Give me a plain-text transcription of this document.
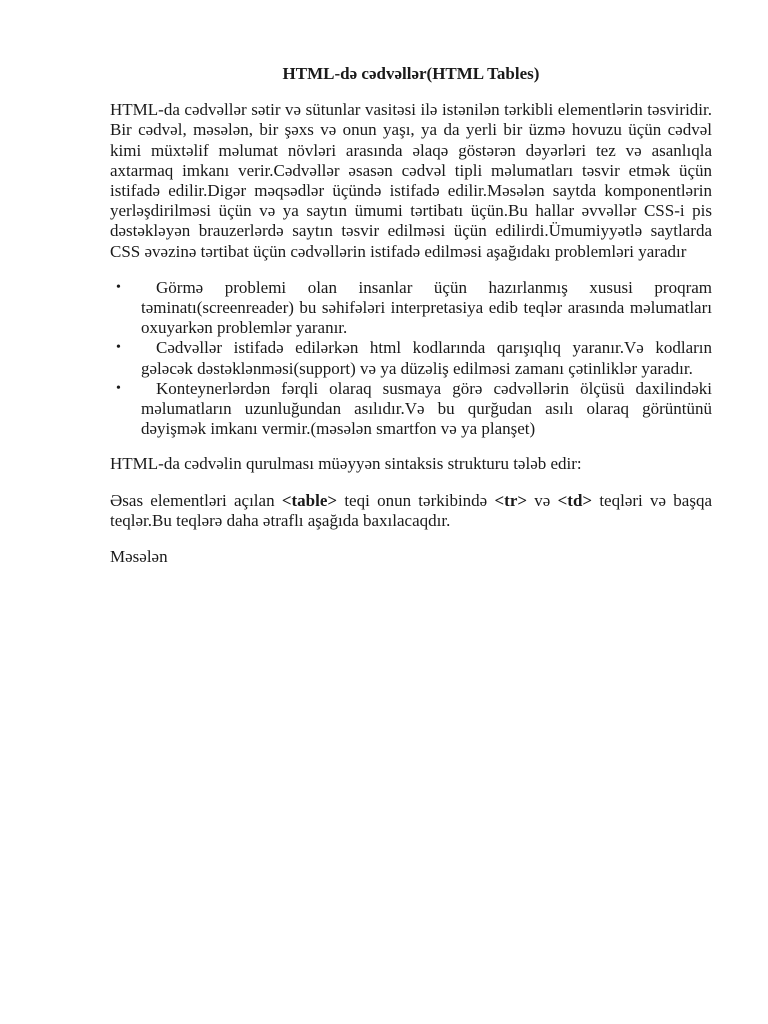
HTML-də cədvəllər(HTML Tables)
HTML-da cədvəllər sətir və sütunlar vasitəsi ilə istənilən tərkibli elementlərin təsviridir. Bir cədvəl, məsələn, bir şəxs və onun yaşı, ya da yerli bir üzmə hovuzu üçün cədvəl kimi müxtəlif məlumat növləri arasında əlaqə göstərən dəyərləri tez və asanlıqla axtarmaq imkanı verir.Cədvəllər əsasən cədvəl tipli məlumatları təsvir etmək üçün istifadə edilir.Digər məqsədlər üçündə istifadə edilir.Məsələn saytda komponentlərin yerləşdirilməsi üçün və ya saytın ümumi tərtibatı üçün.Bu hallar əvvəllər CSS-i pis dəstəkləyən brauzerlərdə saytın təsvir edilməsi üçün edilirdi.Ümumiyyətlə saytlarda CSS əvəzinə tərtibat üçün cədvəllərin istifadə edilməsi aşağıdakı problemləri yaradır
• Görmə problemi olan insanlar üçün hazırlanmış xususi proqram təminatı(screenreader) bu səhifələri interpretasiya edib teqlər arasında məlumatları oxuyarkən problemlər yaranır.
• Cədvəllər istifadə edilərkən html kodlarında qarışıqlıq yaranır.Və kodların gələcək dəstəklənməsi(support) və ya düzəliş edilməsi zamanı çətinliklər yaradır.
• Konteynerlərdən fərqli olaraq susmaya görə cədvəllərin ölçüsü daxilindəki məlumatların uzunluğundan asılıdır.Və bu qurğudan asılı olaraq görüntünü dəyişmək imkanı vermir.(məsələn smartfon və ya planşet)
HTML-da cədvəlin qurulması müəyyən sintaksis strukturu tələb edir:
Əsas elementləri açılan <table> teqi onun tərkibində <tr> və <td> teqləri və başqa teqlər.Bu teqlərə daha ətraflı aşağıda baxılacaqdır.
Məsələn
